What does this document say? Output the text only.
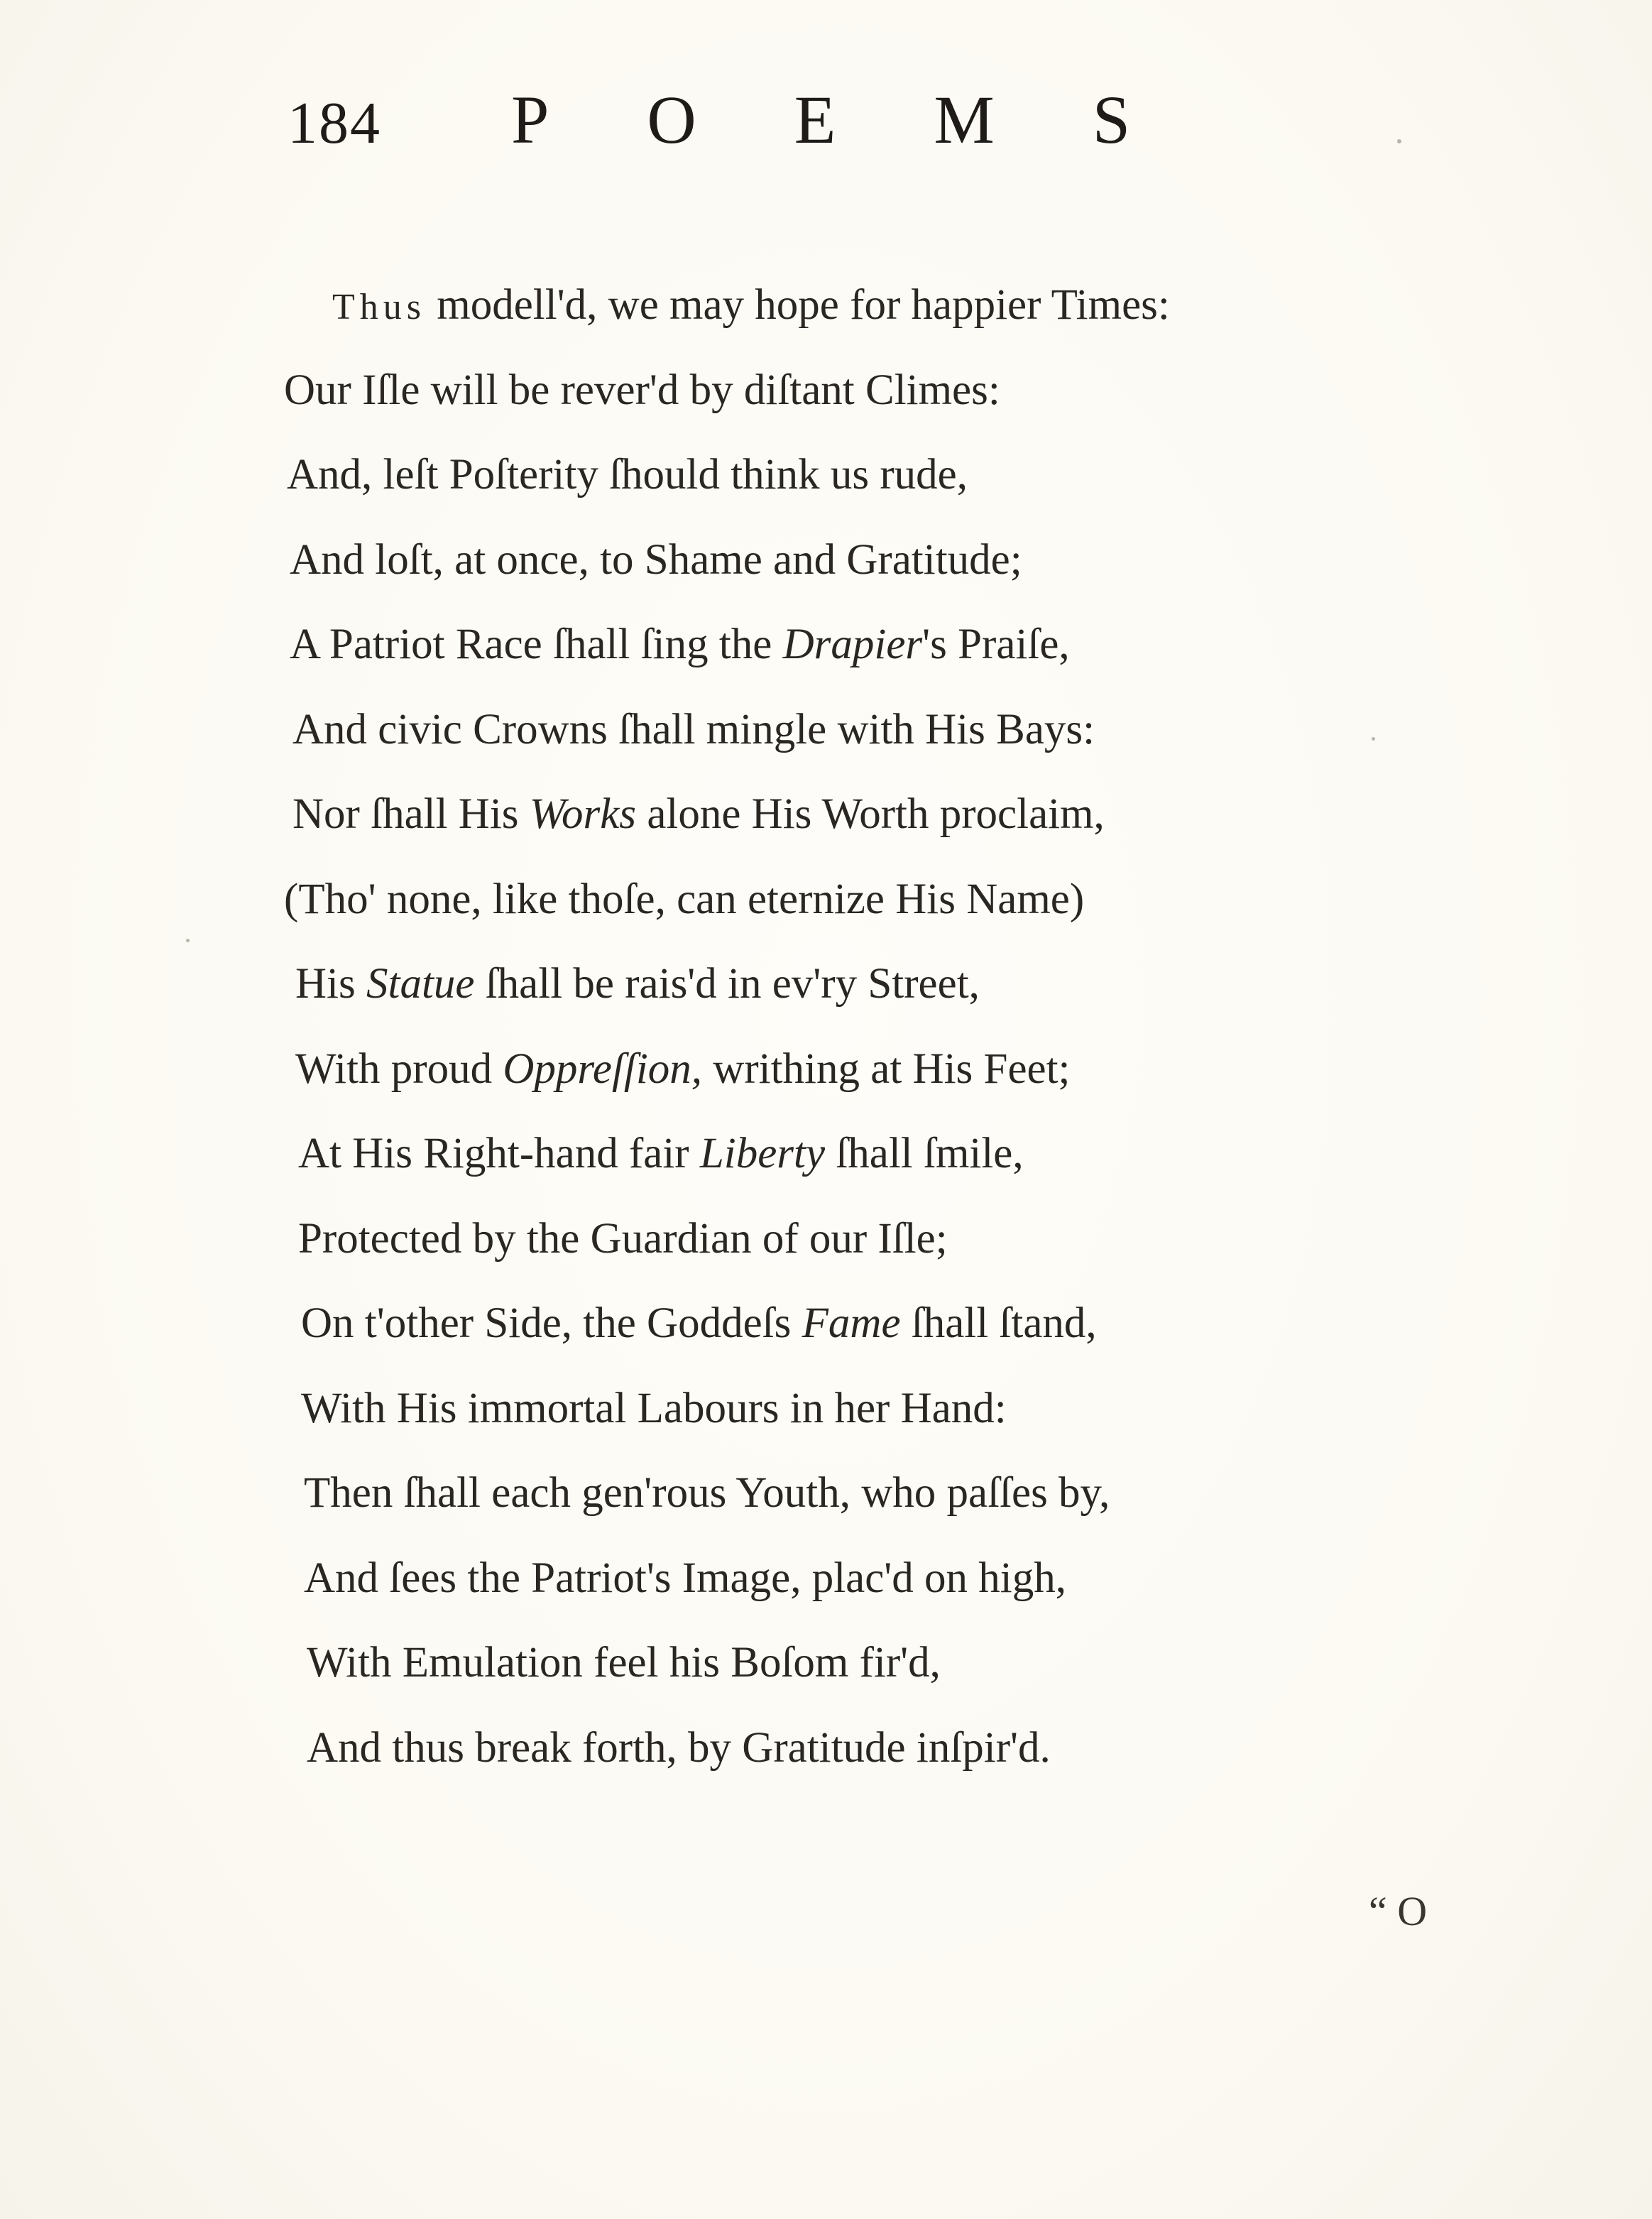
184 POEMS
Thus modell'd, we may hope for happier Times:
Our Iſle will be rever'd by diſtant Climes:
And, leſt Poſterity ſhould think us rude,
And loſt, at once, to Shame and Gratitude;
A Patriot Race ſhall ſing the Drapier's Praiſe,
And civic Crowns ſhall mingle with His Bays:
Nor ſhall His Works alone His Worth proclaim,
(Tho' none, like thoſe, can eternize His Name)
His Statue ſhall be rais'd in ev'ry Street,
With proud Oppreſſion, writhing at His Feet;
At His Right-hand fair Liberty ſhall ſmile,
Protected by the Guardian of our Iſle;
On t'other Side, the Goddeſs Fame ſhall ſtand,
With His immortal Labours in her Hand:
Then ſhall each gen'rous Youth, who paſſes by,
And ſees the Patriot's Image, plac'd on high,
With Emulation feel his Boſom fir'd,
And thus break forth, by Gratitude inſpir'd.
“ O
